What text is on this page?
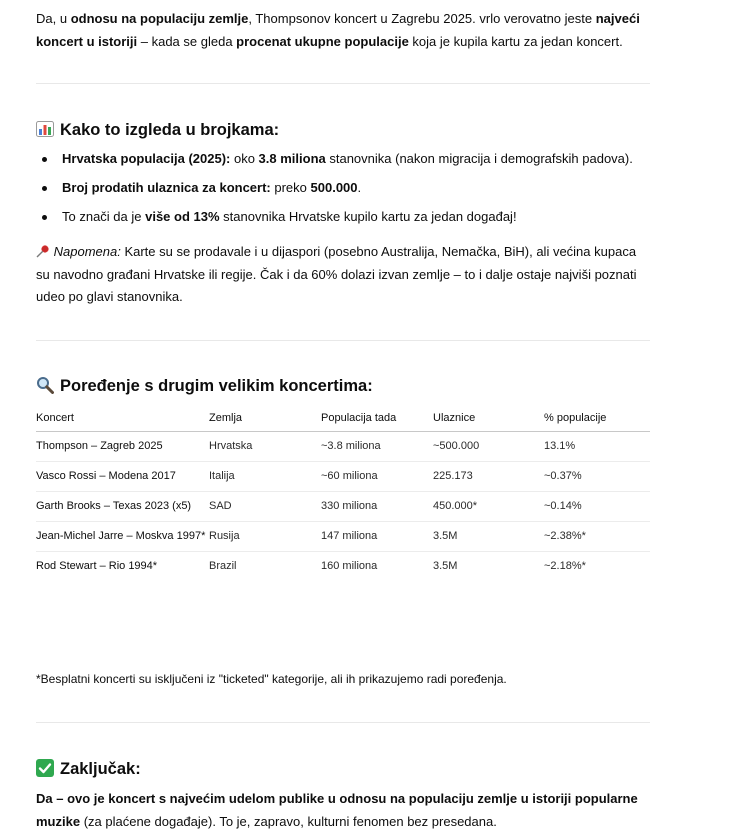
Da, u odnosu na populaciju zemlje, Thompsonov koncert u Zagrebu 2025. vrlo verovatno jeste najveći koncert u istoriji – kada se gleda procenat ukupne populacije koja je kupila kartu za jedan koncert.

Kako to izgleda u brojkama:
Hrvatska populacija (2025): oko 3.8 miliona stanovnika (nakon migracija i demografskih padova).
Broj prodatih ulaznica za koncert: preko 500.000.
To znači da je više od 13% stanovnika Hrvatske kupilo kartu za jedan događaj!

Napomena: Karte su se prodavale i u dijaspori (posebno Australija, Nemačka, BiH), ali većina kupaca su navodno građani Hrvatske ili regije. Čak i da 60% dolazi izvan zemlje – to i dalje ostaje najviši poznati udeo po glavi stanovnika.

Poređenje s drugim velikim koncertima:
Koncert	Zemlja	Populacija tada	Ulaznice	% populacije
Thompson – Zagreb 2025	Hrvatska	~3.8 miliona	~500.000	13.1%
Vasco Rossi – Modena 2017	Italija	~60 miliona	225.173	~0.37%
Garth Brooks – Texas 2023 (x5)	SAD	330 miliona	450.000*	~0.14%
Jean-Michel Jarre – Moskva 1997*	Rusija	147 miliona	3.5M	~2.38%*
Rod Stewart – Rio 1994*	Brazil	160 miliona	3.5M	~2.18%*

*Besplatni koncerti su isključeni iz "ticketed" kategorije, ali ih prikazujemo radi poređenja.

Zaključak:

Da – ovo je koncert s najvećim udelom publike u odnosu na populaciju zemlje u istoriji popularne muzike (za plaćene događaje). To je, zapravo, kulturni fenomen bez presedana.
